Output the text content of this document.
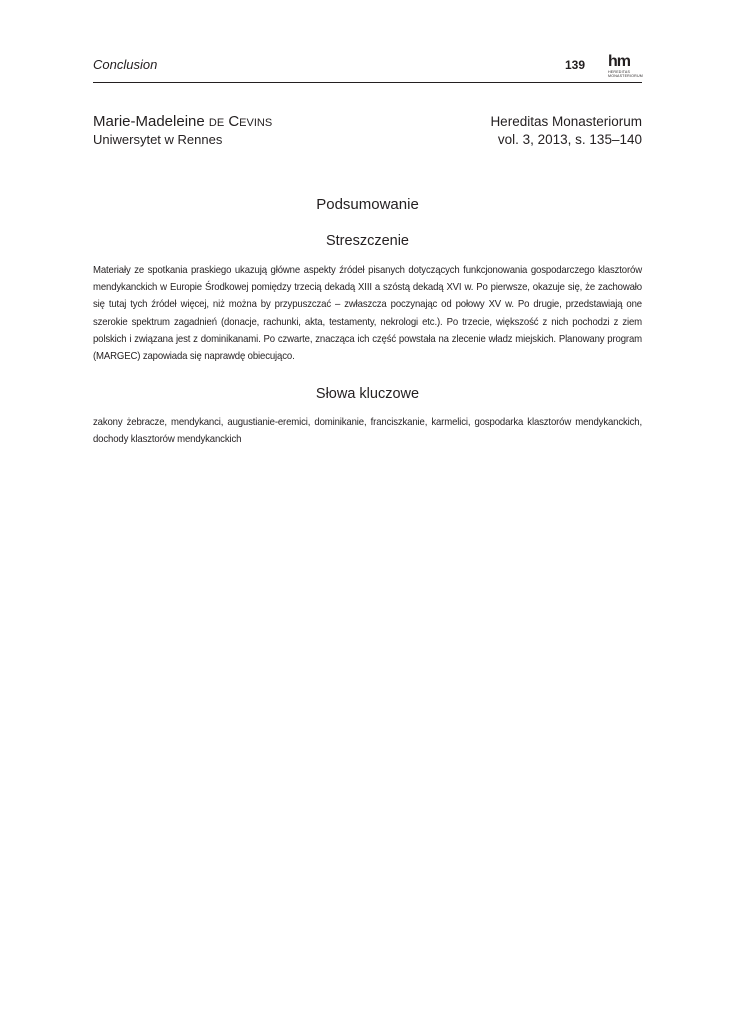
Conclusion	139 hm
HEREDITAS MONASTERIORUM
Marie-Madeleine de Cevins
Uniwersytet w Rennes
Hereditas Monasteriorum
vol. 3, 2013, s. 135–140
Podsumowanie
Streszczenie

Materiały ze spotkania praskiego ukazują główne aspekty źródeł pisanych dotyczących funkcjonowania gospodarczego klasztorów mendykanckich w Europie Środkowej pomiędzy trzecią dekadą XIII a szóstą dekadą XVI w. Po pierwsze, okazuje się, że zachowało się tutaj tych źródeł więcej, niż można by przypuszczać – zwłaszcza poczynając od połowy XV w. Po drugie, przedstawiają one szerokie spektrum zagadnień (donacje, rachunki, akta, testamenty, nekrologi etc.). Po trzecie, większość z nich pochodzi z ziem polskich i związana jest z dominikanami. Po czwarte, znacząca ich część powstała na zlecenie władz miejskich. Planowany program (MARGEC) zapowiada się naprawdę obiecująco.

Słowa kluczowe

zakony żebracze, mendykanci, augustianie-eremici, dominikanie, franciszkanie, karmelici, gospodarka klasztorów mendykanckich, dochody klasztorów mendykanckich
